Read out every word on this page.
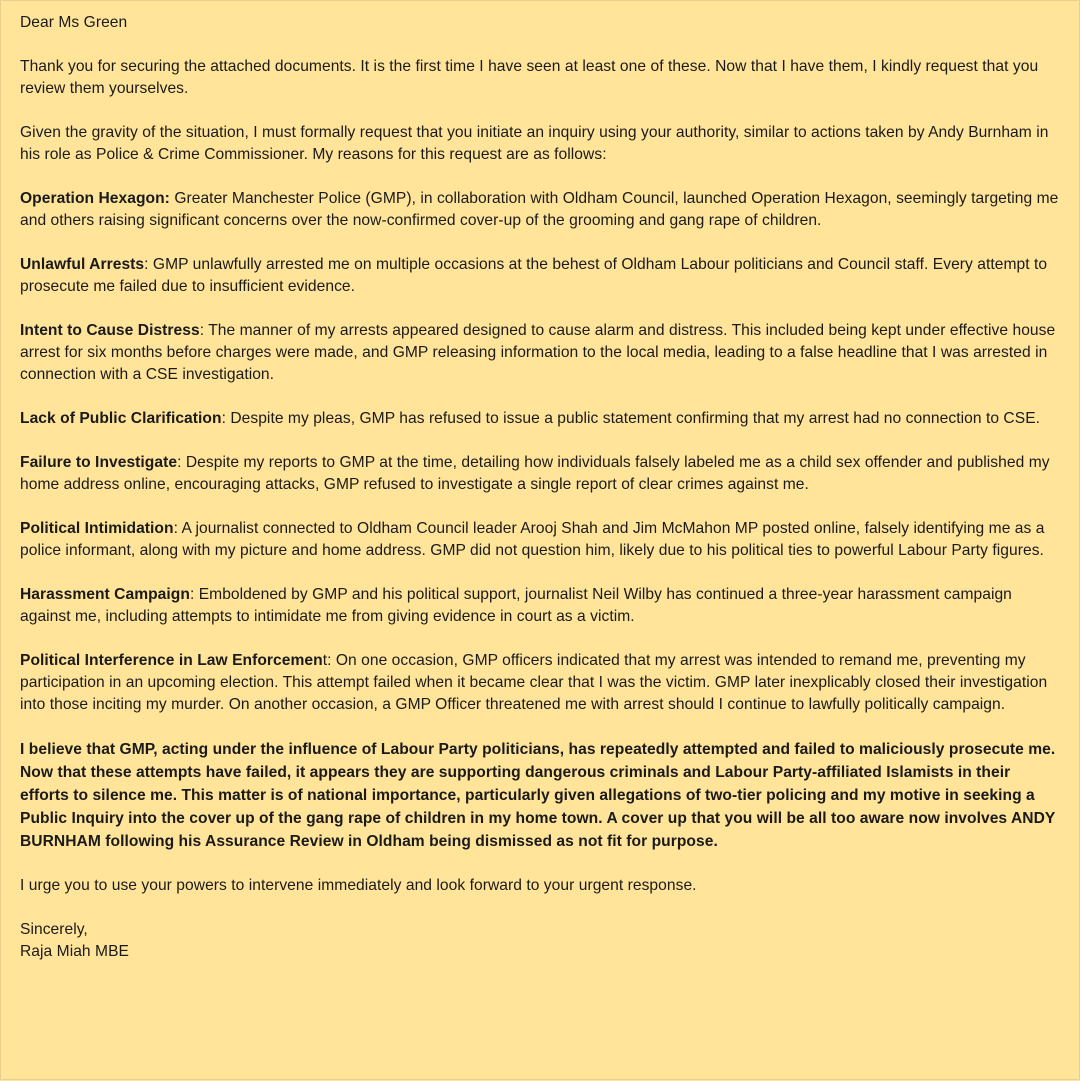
Dear Ms Green

Thank you for securing the attached documents. It is the first time I have seen at least one of these. Now that I have them, I kindly request that you review them yourselves.

Given the gravity of the situation, I must formally request that you initiate an inquiry using your authority, similar to actions taken by Andy Burnham in his role as Police & Crime Commissioner. My reasons for this request are as follows:

Operation Hexagon: Greater Manchester Police (GMP), in collaboration with Oldham Council, launched Operation Hexagon, seemingly targeting me and others raising significant concerns over the now-confirmed cover-up of the grooming and gang rape of children.

Unlawful Arrests: GMP unlawfully arrested me on multiple occasions at the behest of Oldham Labour politicians and Council staff. Every attempt to prosecute me failed due to insufficient evidence.

Intent to Cause Distress: The manner of my arrests appeared designed to cause alarm and distress. This included being kept under effective house arrest for six months before charges were made, and GMP releasing information to the local media, leading to a false headline that I was arrested in connection with a CSE investigation.

Lack of Public Clarification: Despite my pleas, GMP has refused to issue a public statement confirming that my arrest had no connection to CSE.

Failure to Investigate: Despite my reports to GMP at the time, detailing how individuals falsely labeled me as a child sex offender and published my home address online, encouraging attacks, GMP refused to investigate a single report of clear crimes against me.

Political Intimidation: A journalist connected to Oldham Council leader Arooj Shah and Jim McMahon MP posted online, falsely identifying me as a police informant, along with my picture and home address. GMP did not question him, likely due to his political ties to powerful Labour Party figures.

Harassment Campaign: Emboldened by GMP and his political support, journalist Neil Wilby has continued a three-year harassment campaign against me, including attempts to intimidate me from giving evidence in court as a victim.

Political Interference in Law Enforcement: On one occasion, GMP officers indicated that my arrest was intended to remand me, preventing my participation in an upcoming election. This attempt failed when it became clear that I was the victim. GMP later inexplicably closed their investigation into those inciting my murder. On another occasion, a GMP Officer threatened me with arrest should I continue to lawfully politically campaign.

I believe that GMP, acting under the influence of Labour Party politicians, has repeatedly attempted and failed to maliciously prosecute me. Now that these attempts have failed, it appears they are supporting dangerous criminals and Labour Party-affiliated Islamists in their efforts to silence me. This matter is of national importance, particularly given allegations of two-tier policing and my motive in seeking a Public Inquiry into the cover up of the gang rape of children in my home town. A cover up that you will be all too aware now involves ANDY BURNHAM following his Assurance Review in Oldham being dismissed as not fit for purpose.

I urge you to use your powers to intervene immediately and look forward to your urgent response.

Sincerely,

Raja Miah MBE
